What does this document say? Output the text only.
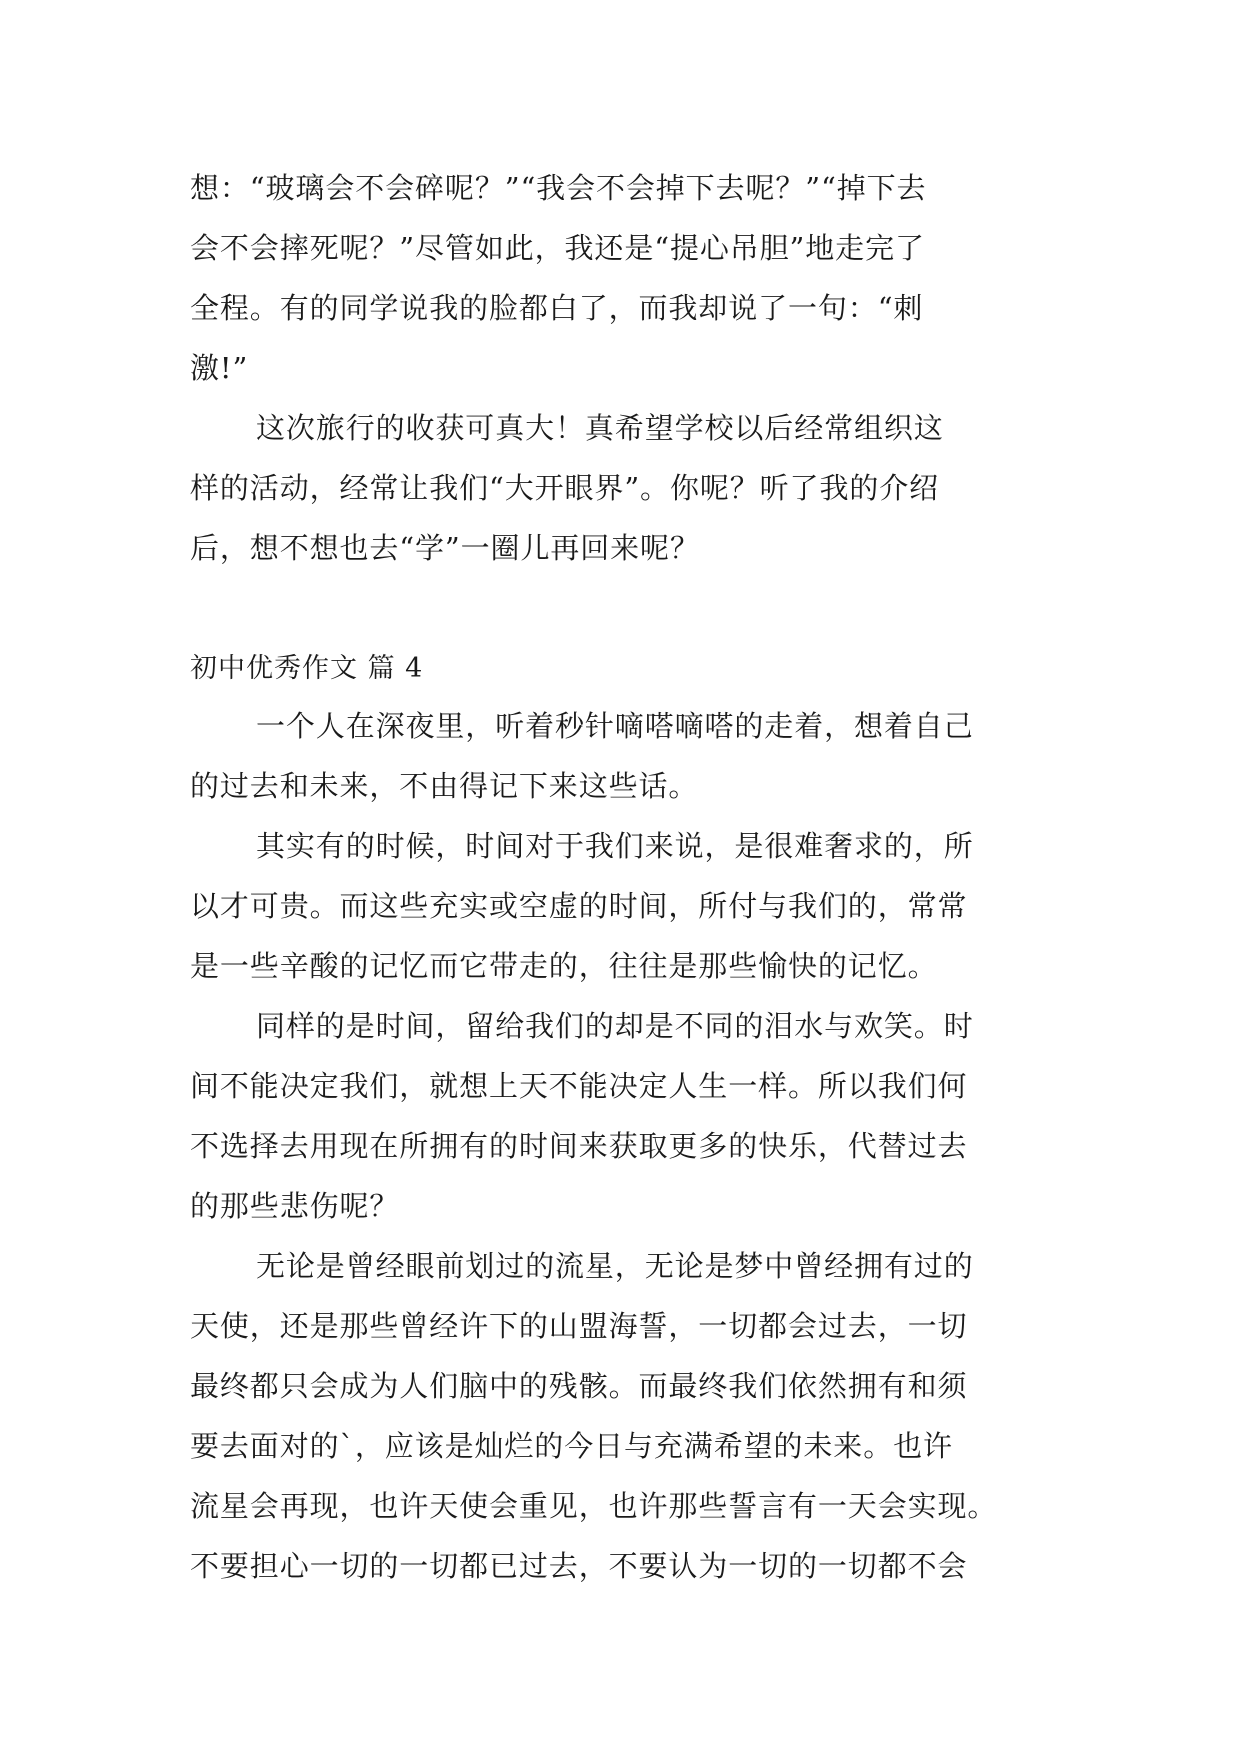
想：“玻璃会不会碎呢？”“我会不会掉下去呢？”“掉下去
会不会摔死呢？”尽管如此，我还是“提心吊胆”地走完了
全程。有的同学说我的脸都白了，而我却说了一句：“刺
激!”
这次旅行的收获可真大！真希望学校以后经常组织这
样的活动，经常让我们“大开眼界”。你呢？听了我的介绍
后，想不想也去“学”一圈儿再回来呢？
初中优秀作文 篇 4
一个人在深夜里，听着秒针嘀嗒嘀嗒的走着，想着自己
的过去和未来，不由得记下来这些话。
其实有的时候，时间对于我们来说，是很难奢求的，所
以才可贵。而这些充实或空虚的时间，所付与我们的，常常
是一些辛酸的记忆而它带走的，往往是那些愉快的记忆。
同样的是时间，留给我们的却是不同的泪水与欢笑。时
间不能决定我们，就想上天不能决定人生一样。所以我们何
不选择去用现在所拥有的时间来获取更多的快乐，代替过去
的那些悲伤呢？
无论是曾经眼前划过的流星，无论是梦中曾经拥有过的
天使，还是那些曾经许下的山盟海誓，一切都会过去，一切
最终都只会成为人们脑中的残骸。而最终我们依然拥有和须
要去面对的`，应该是灿烂的今日与充满希望的未来。也许
流星会再现，也许天使会重见，也许那些誓言有一天会实现。
不要担心一切的一切都已过去，不要认为一切的一切都不会
